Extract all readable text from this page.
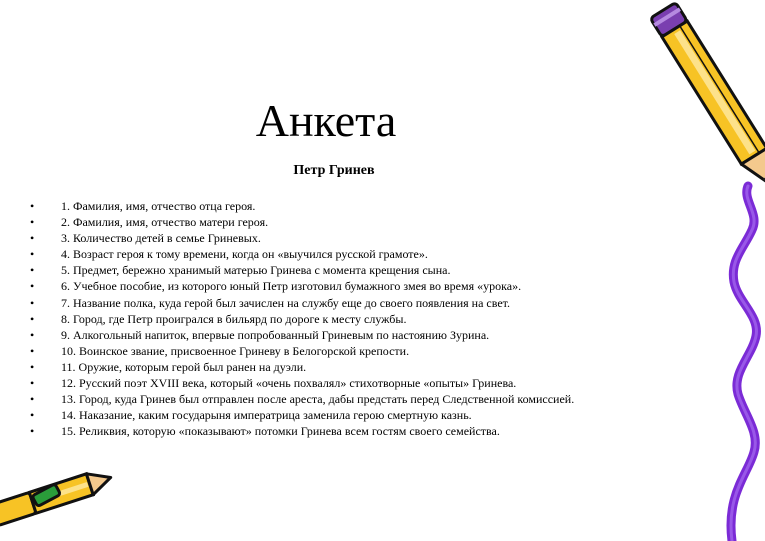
Анкета
Петр Гринев
•	1. Фамилия, имя, отчество отца героя.
•	2. Фамилия, имя, отчество матери героя.
•	3. Количество детей в семье Гриневых.
•	4. Возраст героя к тому времени, когда он «выучился русской грамоте».
•	5. Предмет, бережно хранимый матерью Гринева с момента крещения сына.
•	6. Учебное пособие, из которого юный Петр изготовил бумажного змея во время «урока».
•	7. Название полка, куда герой был зачислен на службу еще до своего появления на свет.
•	8. Город, где Петр проигрался в бильярд по дороге к месту службы.
•	9. Алкогольный напиток, впервые попробованный Гриневым по настоянию Зурина.
•	10. Воинское звание, присвоенное Гриневу в Белогорской крепости.
•	11. Оружие, которым герой был ранен на дуэли.
•	12. Русский поэт XVIII века, который «очень похвалял» стихотворные «опыты» Гринева.
•	13. Город, куда Гринев был отправлен после ареста, дабы предстать перед Следственной комиссией.
•	14. Наказание, каким государыня императрица заменила герою смертную казнь.
•	15. Реликвия, которую «показывают» потомки Гринева всем гостям своего семейства.
